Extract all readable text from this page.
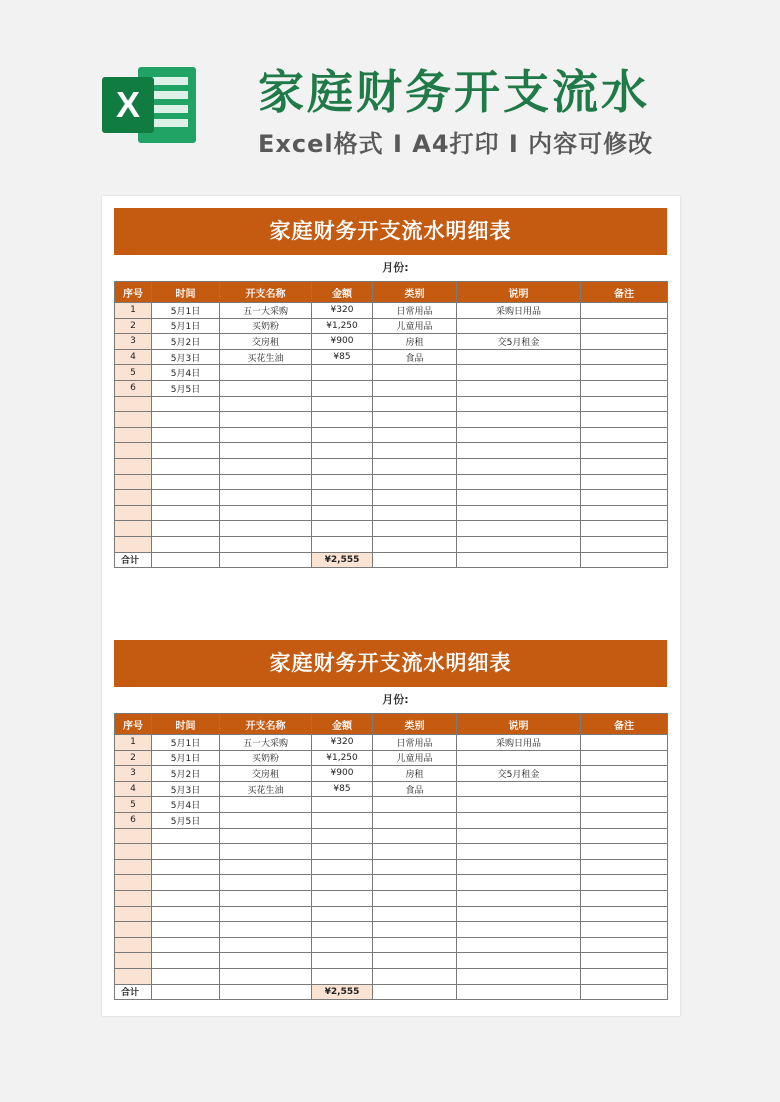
X	家庭财务开支流水
Excel格式 I A4打印 I 内容可修改
家庭财务开支流水明细表
月份:
序号	时间	开支名称	金额	类别	说明	备注
1	5月1日	五一大采购	¥320	日常用品	采购日用品	
2	5月1日	买奶粉	¥1,250	儿童用品		
3	5月2日	交房租	¥900	房租	交5月租金	
4	5月3日	买花生油	¥85	食品		
5	5月4日					
6	5月5日					

合计			¥2,555			
家庭财务开支流水明细表
月份:
序号	时间	开支名称	金额	类别	说明	备注
1	5月1日	五一大采购	¥320	日常用品	采购日用品	
2	5月1日	买奶粉	¥1,250	儿童用品		
3	5月2日	交房租	¥900	房租	交5月租金	
4	5月3日	买花生油	¥85	食品		
5	5月4日					
6	5月5日					

合计			¥2,555			
